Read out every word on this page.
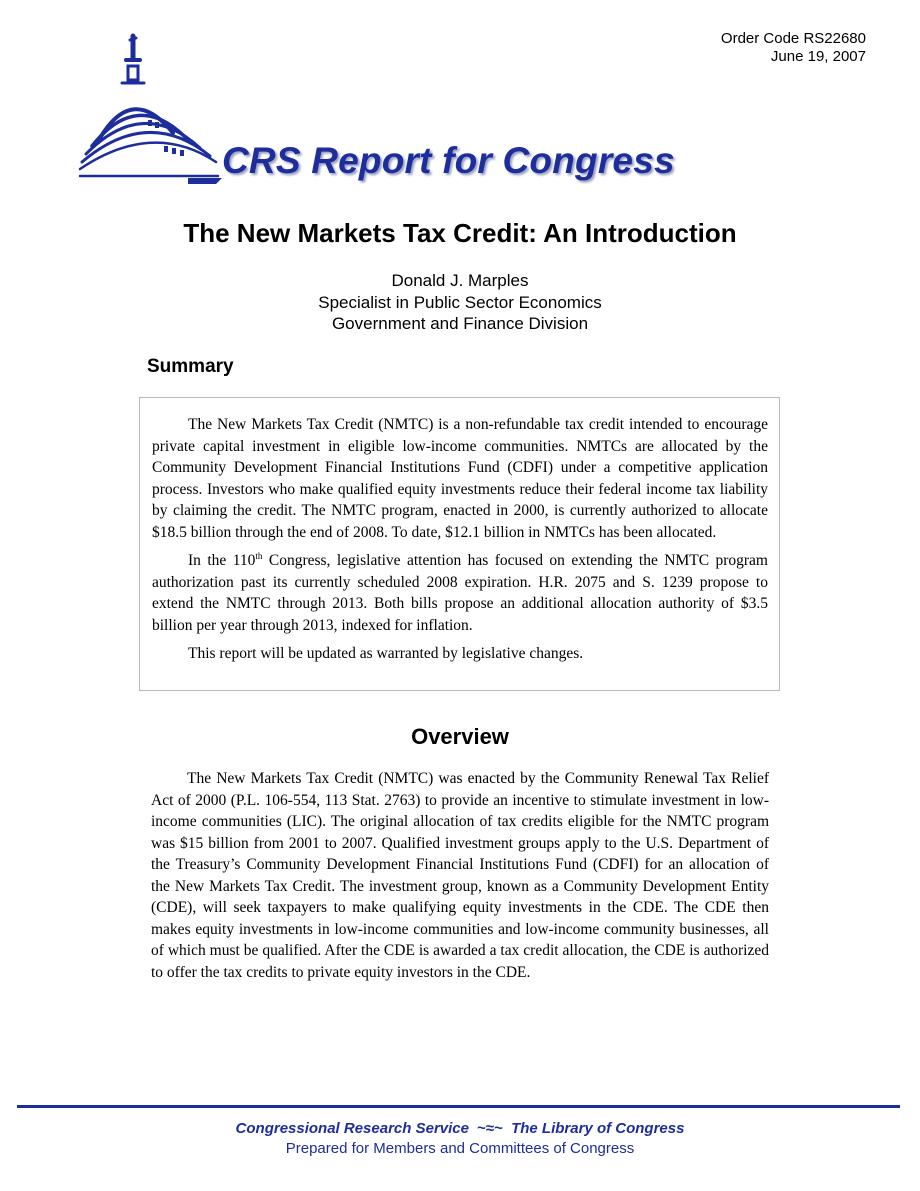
Order Code RS22680
June 19, 2007
CRS Report for Congress
The New Markets Tax Credit: An Introduction
Donald J. Marples
Specialist in Public Sector Economics
Government and Finance Division
Summary

The New Markets Tax Credit (NMTC) is a non-refundable tax credit intended to encourage private capital investment in eligible low-income communities. NMTCs are allocated by the Community Development Financial Institutions Fund (CDFI) under a competitive application process. Investors who make qualified equity investments reduce their federal income tax liability by claiming the credit. The NMTC program, enacted in 2000, is currently authorized to allocate $18.5 billion through the end of 2008. To date, $12.1 billion in NMTCs has been allocated.

In the 110th Congress, legislative attention has focused on extending the NMTC program authorization past its currently scheduled 2008 expiration. H.R. 2075 and S. 1239 propose to extend the NMTC through 2013. Both bills propose an additional allocation authority of $3.5 billion per year through 2013, indexed for inflation.

This report will be updated as warranted by legislative changes.

Overview

The New Markets Tax Credit (NMTC) was enacted by the Community Renewal Tax Relief Act of 2000 (P.L. 106-554, 113 Stat. 2763) to provide an incentive to stimulate investment in low-income communities (LIC). The original allocation of tax credits eligible for the NMTC program was $15 billion from 2001 to 2007. Qualified investment groups apply to the U.S. Department of the Treasury’s Community Development Financial Institutions Fund (CDFI) for an allocation of the New Markets Tax Credit. The investment group, known as a Community Development Entity (CDE), will seek taxpayers to make qualifying equity investments in the CDE. The CDE then makes equity investments in low-income communities and low-income community businesses, all of which must be qualified. After the CDE is awarded a tax credit allocation, the CDE is authorized to offer the tax credits to private equity investors in the CDE.

Congressional Research Service ~≈~ The Library of Congress
Prepared for Members and Committees of Congress
